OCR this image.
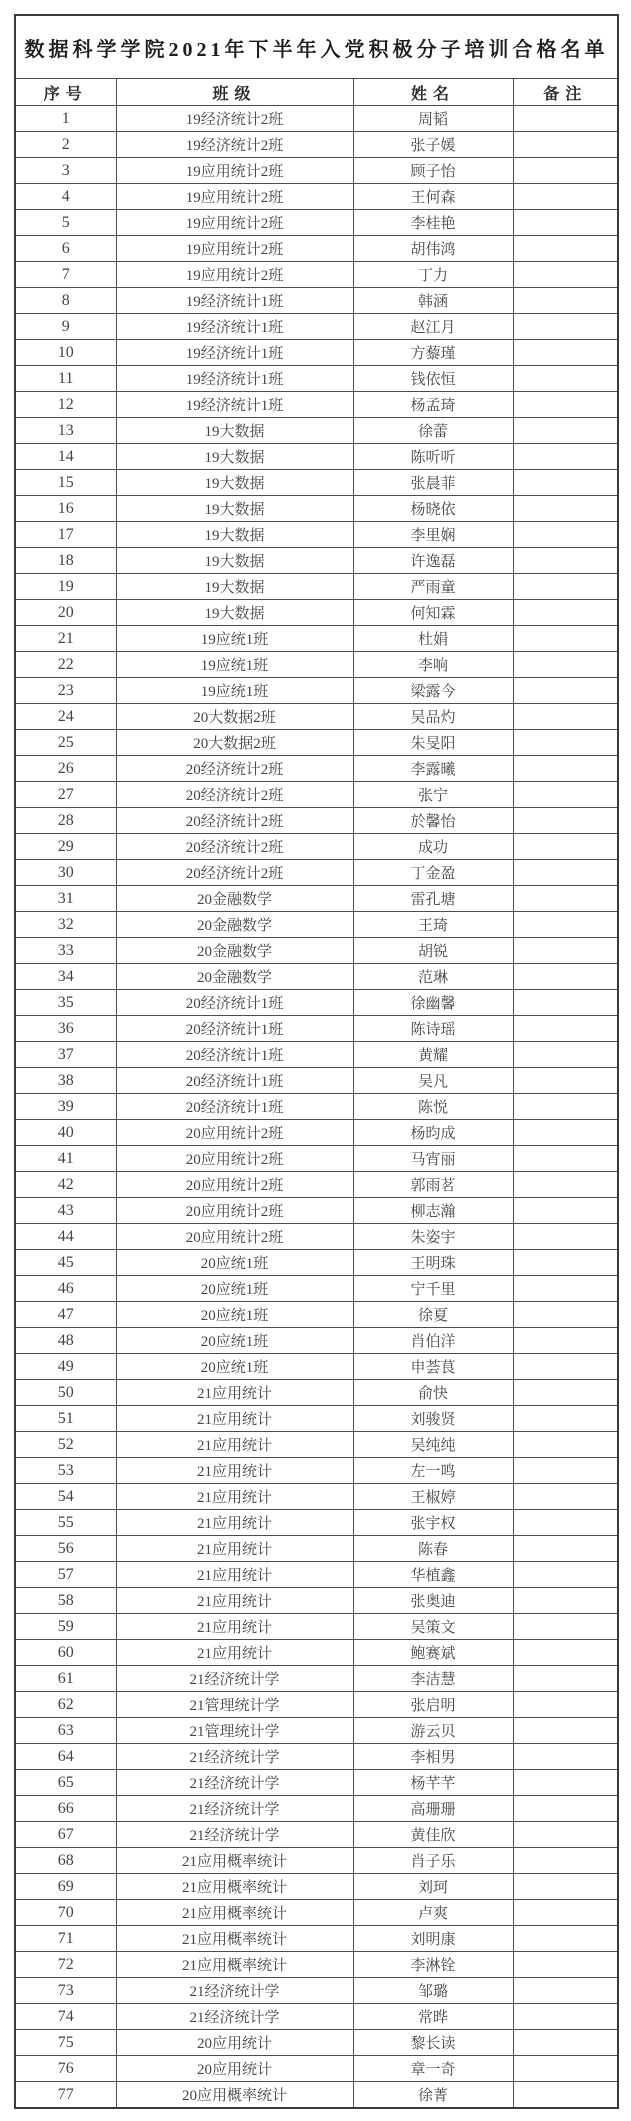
数据科学学院2021年下半年入党积极分子培训合格名单			
序号	班级	姓名	备注
1	19经济统计2班	周韬	
2	19经济统计2班	张子媛	
3	19应用统计2班	顾子怡	
4	19应用统计2班	王何森	
5	19应用统计2班	李桂艳	
6	19应用统计2班	胡伟鸿	
7	19应用统计2班	丁力	
8	19经济统计1班	韩涵	
9	19经济统计1班	赵江月	
10	19经济统计1班	方藜瑾	
11	19经济统计1班	钱依恒	
12	19经济统计1班	杨孟琦	
13	19大数据	徐蕾	
14	19大数据	陈听听	
15	19大数据	张晨菲	
16	19大数据	杨晓依	
17	19大数据	李里娴	
18	19大数据	许逸磊	
19	19大数据	严雨童	
20	19大数据	何知霖	
21	19应统1班	杜娟	
22	19应统1班	李响	
23	19应统1班	梁露今	
24	20大数据2班	吴品灼	
25	20大数据2班	朱旻阳	
26	20经济统计2班	李露曦	
27	20经济统计2班	张宁	
28	20经济统计2班	於馨怡	
29	20经济统计2班	成功	
30	20经济统计2班	丁金盈	
31	20金融数学	雷孔塘	
32	20金融数学	王琦	
33	20金融数学	胡锐	
34	20金融数学	范琳	
35	20经济统计1班	徐幽馨	
36	20经济统计1班	陈诗瑶	
37	20经济统计1班	黄耀	
38	20经济统计1班	吴凡	
39	20经济统计1班	陈悦	
40	20应用统计2班	杨昀成	
41	20应用统计2班	马宵丽	
42	20应用统计2班	郭雨茗	
43	20应用统计2班	柳志瀚	
44	20应用统计2班	朱姿宇	
45	20应统1班	王明珠	
46	20应统1班	宁千里	
47	20应统1班	徐夏	
48	20应统1班	肖伯洋	
49	20应统1班	申荟茛	
50	21应用统计	俞快	
51	21应用统计	刘骏贤	
52	21应用统计	吴纯纯	
53	21应用统计	左一鸣	
54	21应用统计	王椒婷	
55	21应用统计	张宇权	
56	21应用统计	陈春	
57	21应用统计	华植鑫	
58	21应用统计	张奥迪	
59	21应用统计	吴策文	
60	21应用统计	鲍赛斌	
61	21经济统计学	李洁慧	
62	21管理统计学	张启明	
63	21管理统计学	游云贝	
64	21经济统计学	李相男	
65	21经济统计学	杨芊芊	
66	21经济统计学	高珊珊	
67	21经济统计学	黄佳欣	
68	21应用概率统计	肖子乐	
69	21应用概率统计	刘珂	
70	21应用概率统计	卢爽	
71	21应用概率统计	刘明康	
72	21应用概率统计	李淋铨	
73	21经济统计学	邹璐	
74	21经济统计学	常晔	
75	20应用统计	黎长读	
76	20应用统计	章一奇	
77	20应用概率统计	徐菁	
